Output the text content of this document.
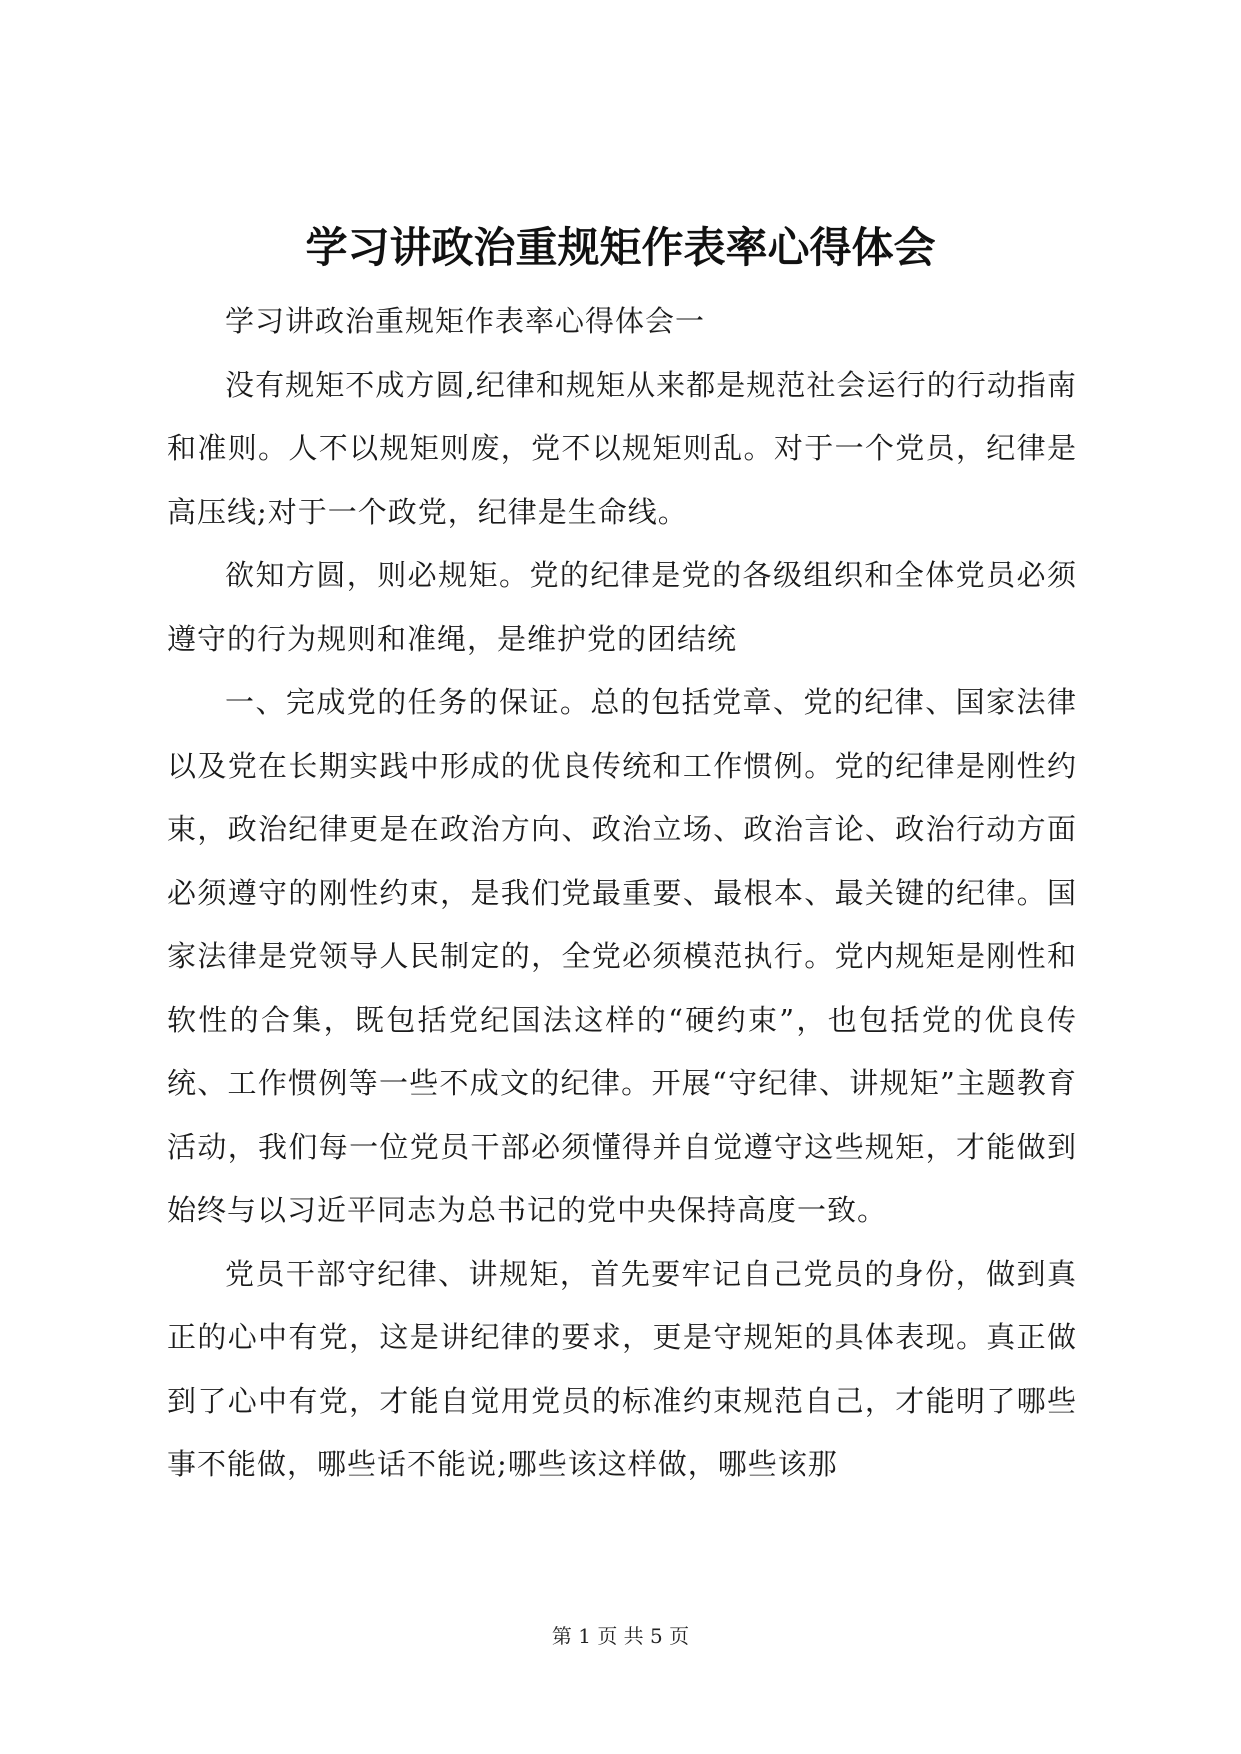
学习讲政治重规矩作表率心得体会

学习讲政治重规矩作表率心得体会一

没有规矩不成方圆,纪律和规矩从来都是规范社会运行的行动指南和准则。人不以规矩则废，党不以规矩则乱。对于一个党员，纪律是高压线;对于一个政党，纪律是生命线。

欲知方圆，则必规矩。党的纪律是党的各级组织和全体党员必须遵守的行为规则和准绳，是维护党的团结统

一、完成党的任务的保证。总的包括党章、党的纪律、国家法律以及党在长期实践中形成的优良传统和工作惯例。党的纪律是刚性约束，政治纪律更是在政治方向、政治立场、政治言论、政治行动方面必须遵守的刚性约束，是我们党最重要、最根本、最关键的纪律。国家法律是党领导人民制定的，全党必须模范执行。党内规矩是刚性和软性的合集，既包括党纪国法这样的“硬约束”，也包括党的优良传统、工作惯例等一些不成文的纪律。开展“守纪律、讲规矩”主题教育活动，我们每一位党员干部必须懂得并自觉遵守这些规矩，才能做到始终与以习近平同志为总书记的党中央保持高度一致。

党员干部守纪律、讲规矩，首先要牢记自己党员的身份，做到真正的心中有党，这是讲纪律的要求，更是守规矩的具体表现。真正做到了心中有党，才能自觉用党员的标准约束规范自己，才能明了哪些事不能做，哪些话不能说;哪些该这样做，哪些该那

第 1 页 共 5 页
